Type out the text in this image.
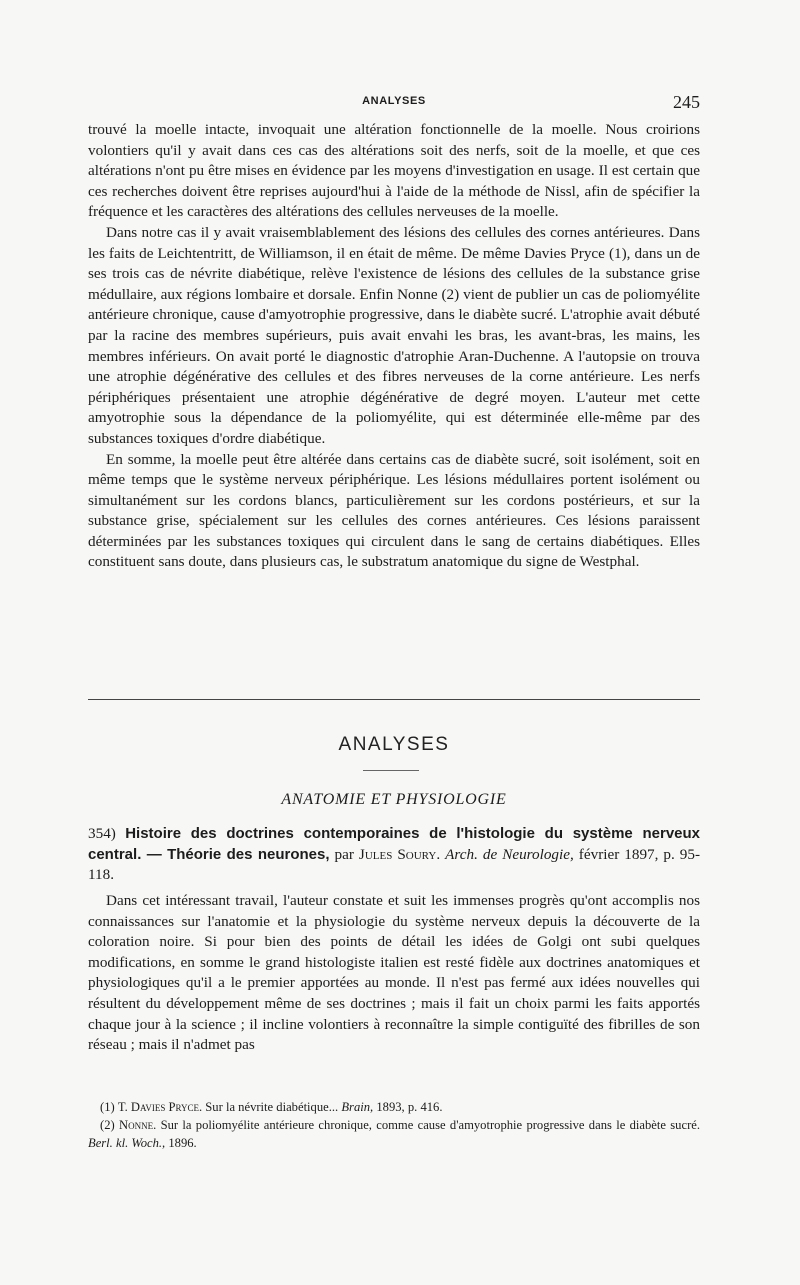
ANALYSES	245

trouvé la moelle intacte, invoquait une altération fonctionnelle de la moelle. Nous croirions volontiers qu'il y avait dans ces cas des altérations soit des nerfs, soit de la moelle, et que ces altérations n'ont pu être mises en évidence par les moyens d'investigation en usage. Il est certain que ces recherches doivent être reprises aujourd'hui à l'aide de la méthode de Nissl, afin de spécifier la fréquence et les caractères des altérations des cellules nerveuses de la moelle.

Dans notre cas il y avait vraisemblablement des lésions des cellules des cornes antérieures. Dans les faits de Leichtentritt, de Williamson, il en était de même. De même Davies Pryce (1), dans un de ses trois cas de névrite diabétique, relève l'existence de lésions des cellules de la substance grise médullaire, aux régions lombaire et dorsale. Enfin Nonne (2) vient de publier un cas de poliomyélite antérieure chronique, cause d'amyotrophie progressive, dans le diabète sucré. L'atrophie avait débuté par la racine des membres supérieurs, puis avait envahi les bras, les avant-bras, les mains, les membres inférieurs. On avait porté le diagnostic d'atrophie Aran-Duchenne. A l'autopsie on trouva une atrophie dégénérative des cellules et des fibres nerveuses de la corne antérieure. Les nerfs périphériques présentaient une atrophie dégénérative de degré moyen. L'auteur met cette amyotrophie sous la dépendance de la poliomyélite, qui est déterminée elle-même par des substances toxiques d'ordre diabétique.

En somme, la moelle peut être altérée dans certains cas de diabète sucré, soit isolément, soit en même temps que le système nerveux périphérique. Les lésions médullaires portent isolément ou simultanément sur les cordons blancs, particulièrement sur les cordons postérieurs, et sur la substance grise, spécialement sur les cellules des cornes antérieures. Ces lésions paraissent déterminées par les substances toxiques qui circulent dans le sang de certains diabétiques. Elles constituent sans doute, dans plusieurs cas, le substratum anatomique du signe de Westphal.

ANALYSES
ANATOMIE ET PHYSIOLOGIE
354) Histoire des doctrines contemporaines de l'histologie du système nerveux central. — Théorie des neurones, par Jules Soury. Arch. de Neurologie, février 1897, p. 95-118.

Dans cet intéressant travail, l'auteur constate et suit les immenses progrès qu'ont accomplis nos connaissances sur l'anatomie et la physiologie du système nerveux depuis la découverte de la coloration noire. Si pour bien des points de détail les idées de Golgi ont subi quelques modifications, en somme le grand histologiste italien est resté fidèle aux doctrines anatomiques et physiologiques qu'il a le premier apportées au monde. Il n'est pas fermé aux idées nouvelles qui résultent du développement même de ses doctrines ; mais il fait un choix parmi les faits apportés chaque jour à la science ; il incline volontiers à reconnaître la simple contiguïté des fibrilles de son réseau ; mais il n'admet pas

(1) T. Davies Pryce. Sur la névrite diabétique... Brain, 1893, p. 416.

(2) Nonne. Sur la poliomyélite antérieure chronique, comme cause d'amyotrophie progressive dans le diabète sucré. Berl. kl. Woch., 1896.
